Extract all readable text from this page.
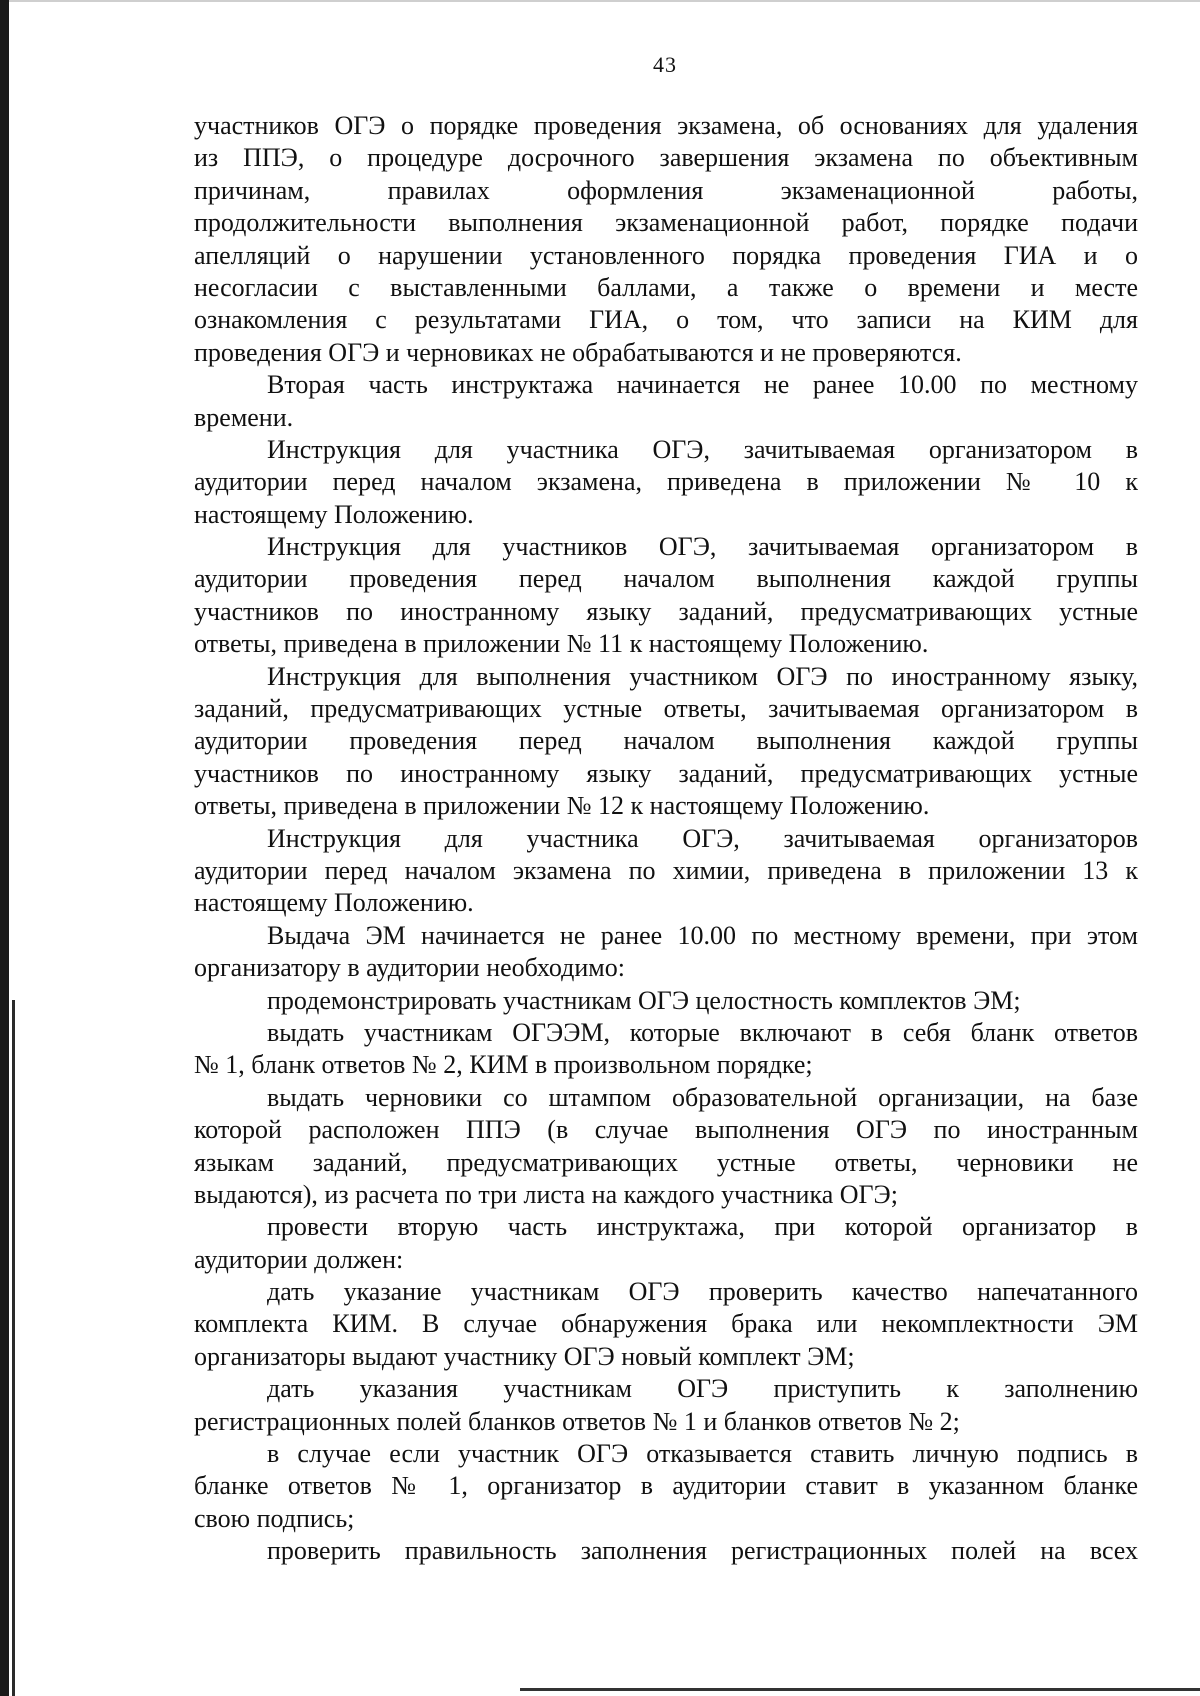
43
участников ОГЭ о порядке проведения экзамена, об основаниях для удаления
из ППЭ, о процедуре досрочного завершения экзамена по объективным
причинам, правилах оформления экзаменационной работы,
продолжительности выполнения экзаменационной работ, порядке подачи
апелляций о нарушении установленного порядка проведения ГИА и о
несогласии с выставленными баллами, а также о времени и месте
ознакомления с результатами ГИА, о том, что записи на КИМ для
проведения ОГЭ и черновиках не обрабатываются и не проверяются.
Вторая часть инструктажа начинается не ранее 10.00 по местному
времени.
Инструкция для участника ОГЭ, зачитываемая организатором в
аудитории перед началом экзамена, приведена в приложении № 10 к
настоящему Положению.
Инструкция для участников ОГЭ, зачитываемая организатором в
аудитории проведения перед началом выполнения каждой группы
участников по иностранному языку заданий, предусматривающих устные
ответы, приведена в приложении № 11 к настоящему Положению.
Инструкция для выполнения участником ОГЭ по иностранному языку,
заданий, предусматривающих устные ответы, зачитываемая организатором в
аудитории проведения перед началом выполнения каждой группы
участников по иностранному языку заданий, предусматривающих устные
ответы, приведена в приложении № 12 к настоящему Положению.
Инструкция для участника ОГЭ, зачитываемая организаторов
аудитории перед началом экзамена по химии, приведена в приложении 13 к
настоящему Положению.
Выдача ЭМ начинается не ранее 10.00 по местному времени, при этом
организатору в аудитории необходимо:
продемонстрировать участникам ОГЭ целостность комплектов ЭМ;
выдать участникам ОГЭЭМ, которые включают в себя бланк ответов
№ 1, бланк ответов № 2, КИМ в произвольном порядке;
выдать черновики со штампом образовательной организации, на базе
которой расположен ППЭ (в случае выполнения ОГЭ по иностранным
языкам заданий, предусматривающих устные ответы, черновики не
выдаются), из расчета по три листа на каждого участника ОГЭ;
провести вторую часть инструктажа, при которой организатор в
аудитории должен:
дать указание участникам ОГЭ проверить качество напечатанного
комплекта КИМ. В случае обнаружения брака или некомплектности ЭМ
организаторы выдают участнику ОГЭ новый комплект ЭМ;
дать указания участникам ОГЭ приступить к заполнению
регистрационных полей бланков ответов № 1 и бланков ответов № 2;
в случае если участник ОГЭ отказывается ставить личную подпись в
бланке ответов № 1, организатор в аудитории ставит в указанном бланке
свою подпись;
проверить правильность заполнения регистрационных полей на всех
